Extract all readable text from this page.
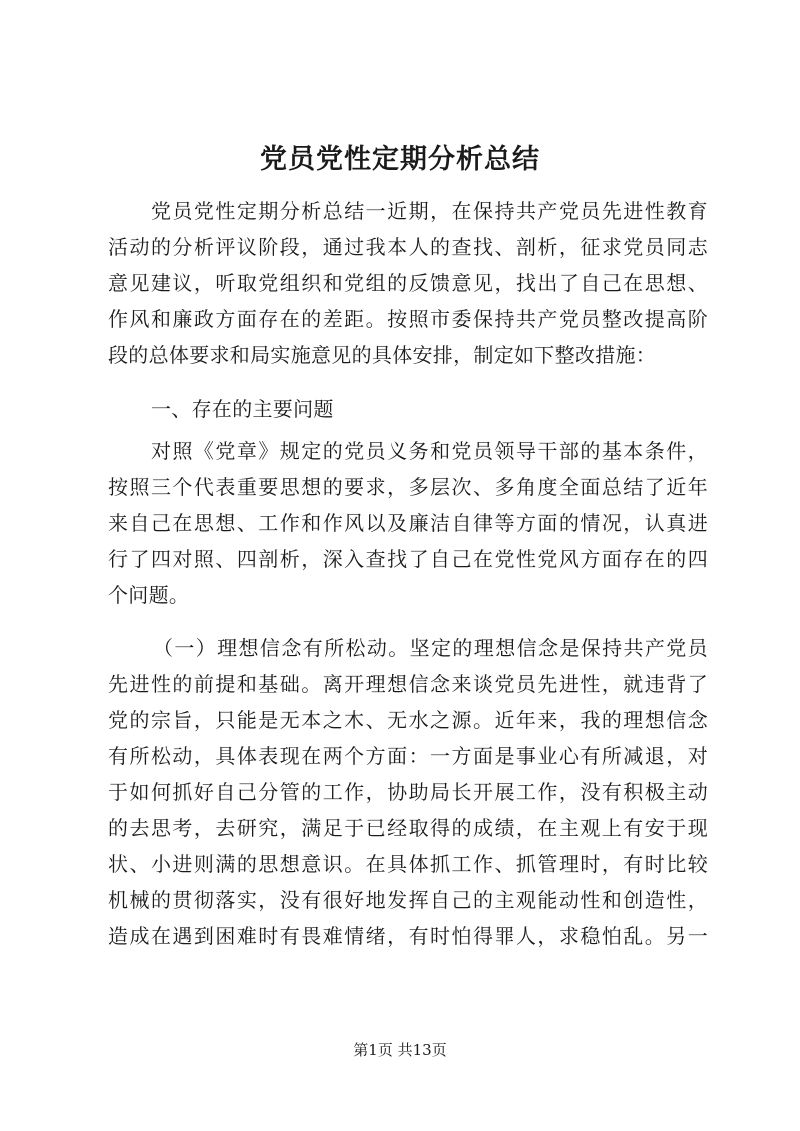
党员党性定期分析总结
党员党性定期分析总结一近期，在保持共产党员先进性教育
活动的分析评议阶段，通过我本人的查找、剖析，征求党员同志
意见建议，听取党组织和党组的反馈意见，找出了自己在思想、
作风和廉政方面存在的差距。按照市委保持共产党员整改提高阶
段的总体要求和局实施意见的具体安排，制定如下整改措施：
一、存在的主要问题
对照《党章》规定的党员义务和党员领导干部的基本条件，
按照三个代表重要思想的要求，多层次、多角度全面总结了近年
来自己在思想、工作和作风以及廉洁自律等方面的情况，认真进
行了四对照、四剖析，深入查找了自己在党性党风方面存在的四
个问题。
（一）理想信念有所松动。坚定的理想信念是保持共产党员
先进性的前提和基础。离开理想信念来谈党员先进性，就违背了
党的宗旨，只能是无本之木、无水之源。近年来，我的理想信念
有所松动，具体表现在两个方面：一方面是事业心有所减退，对
于如何抓好自己分管的工作，协助局长开展工作，没有积极主动
的去思考，去研究，满足于已经取得的成绩，在主观上有安于现
状、小进则满的思想意识。在具体抓工作、抓管理时，有时比较
机械的贯彻落实，没有很好地发挥自己的主观能动性和创造性，
造成在遇到困难时有畏难情绪，有时怕得罪人，求稳怕乱。另一
第1页 共13页
